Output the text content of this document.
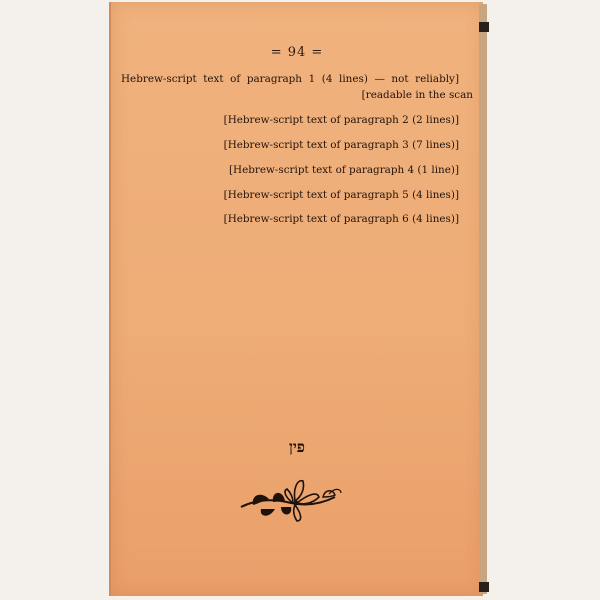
= 94 =

[Hebrew-script text of paragraph 1 (4 lines) — not reliably readable in the scan]

[Hebrew-script text of paragraph 2 (2 lines)]

[Hebrew-script text of paragraph 3 (7 lines)]

[Hebrew-script text of paragraph 4 (1 line)]

[Hebrew-script text of paragraph 5 (4 lines)]

[Hebrew-script text of paragraph 6 (4 lines)]

פין
